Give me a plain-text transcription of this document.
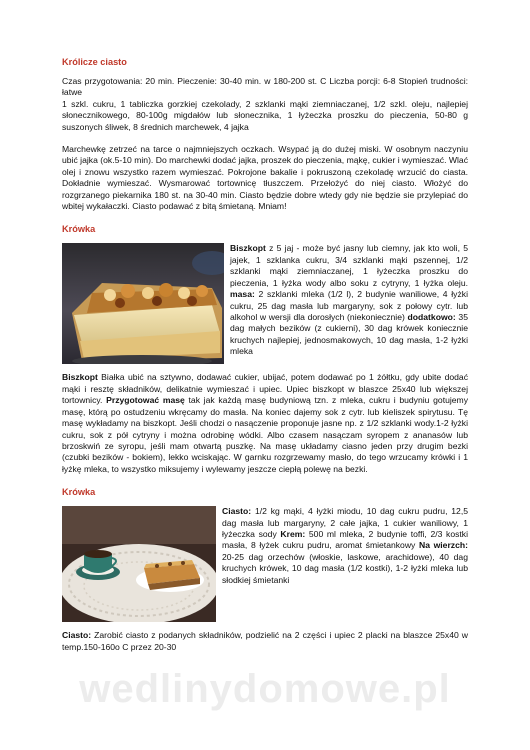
Królicze ciasto

Czas przygotowania: 20 min. Pieczenie: 30-40 min. w 180-200 st. C Liczba porcji: 6-8 Stopień trudności: łatwe

1 szkl. cukru, 1 tabliczka gorzkiej czekolady, 2 szklanki mąki ziemniaczanej, 1/2 szkl. oleju, najlepiej słonecznikowego, 80-100g migdałów lub słonecznika, 1 łyżeczka proszku do pieczenia, 50-80 g suszonych śliwek, 8 średnich marchewek, 4 jajka

Marchewkę zetrzeć na tarce o najmniejszych oczkach. Wsypać ją do dużej miski. W osobnym naczyniu ubić jajka (ok.5-10 min). Do marchewki dodać jajka, proszek do pieczenia, mąkę, cukier i wymieszać. Wlać olej i znowu wszystko razem wymieszać. Pokrojone bakalie i pokruszoną czekoladę wrzucić do ciasta. Dokładnie wymieszać. Wysmarować tortownicę tłuszczem. Przełożyć do niej ciasto. Włożyć do rozgrzanego piekarnika 180 st. na 30-40 min. Ciasto będzie dobre wtedy gdy nie będzie sie przylepiać do wbitej wykałaczki. Ciasto podawać z bitą śmietaną. Mniam!

Krówka

Biszkopt z 5 jaj - może być jasny lub ciemny, jak kto woli, 5 jajek, 1 szklanka cukru, 3/4 szklanki mąki pszennej, 1/2 szklanki mąki ziemniaczanej, 1 łyżeczka proszku do pieczenia, 1 łyżka wody albo soku z cytryny, 1 łyżka oleju. masa: 2 szklanki mleka (1/2 l), 2 budynie waniliowe, 4 łyżki cukru, 25 dag masła lub margaryny, sok z połowy cytr. lub alkohol w wersji dla dorosłych (niekoniecznie) dodatkowo: 35 dag małych bezików (z cukierni), 30 dag krówek koniecznie kruchych najlepiej, jednosmakowych, 10 dag masła, 1-2 łyżki mleka

Biszkopt Białka ubić na sztywno, dodawać cukier, ubijać, potem dodawać po 1 żółtku, gdy ubite dodać mąki i resztę składników, delikatnie wymieszać i upiec. Upiec biszkopt w blaszce 25x40 lub większej tortownicy. Przygotować masę tak jak każdą masę budyniową tzn. z mleka, cukru i budyniu gotujemy masę, którą po ostudzeniu wkręcamy do masła. Na koniec dajemy sok z cytr. lub kieliszek spirytusu. Tę masę wykładamy na biszkopt. Jeśli chodzi o nasączenie proponuje jasne np. z 1/2 szklanki wody.1-2 łyżki cukru, sok z pół cytryny i można odrobinę wódki. Albo czasem nasączam syropem z ananasów lub brzoskwiń ze syropu, jeśli mam otwartą puszkę. Na masę układamy ciasno jeden przy drugim bezki (czubki bezików - bokiem), lekko wciskając. W garnku rozgrzewamy masło, do tego wrzucamy krówki i 1 łyżkę mleka, to wszystko miksujemy i wylewamy jeszcze ciepłą polewę na bezki.

Krówka

Ciasto: 1/2 kg mąki, 4 łyżki miodu, 10 dag cukru pudru, 12,5 dag masła lub margaryny, 2 całe jajka, 1 cukier waniliowy, 1 łyżeczka sody Krem: 500 ml mleka, 2 budynie toffi, 2/3 kostki masła, 8 łyżek cukru pudru, aromat śmietankowy Na wierzch: 20-25 dag orzechów (włoskie, laskowe, arachidowe), 40 dag kruchych krówek, 10 dag masła (1/2 kostki), 1-2 łyżki mleka lub słodkiej śmietanki

Ciasto: Zarobić ciasto z podanych składników, podzielić na 2 części i upiec 2 placki na blaszce 25x40 w temp.150-160o C przez 20-30

wedlinydomowe.pl
